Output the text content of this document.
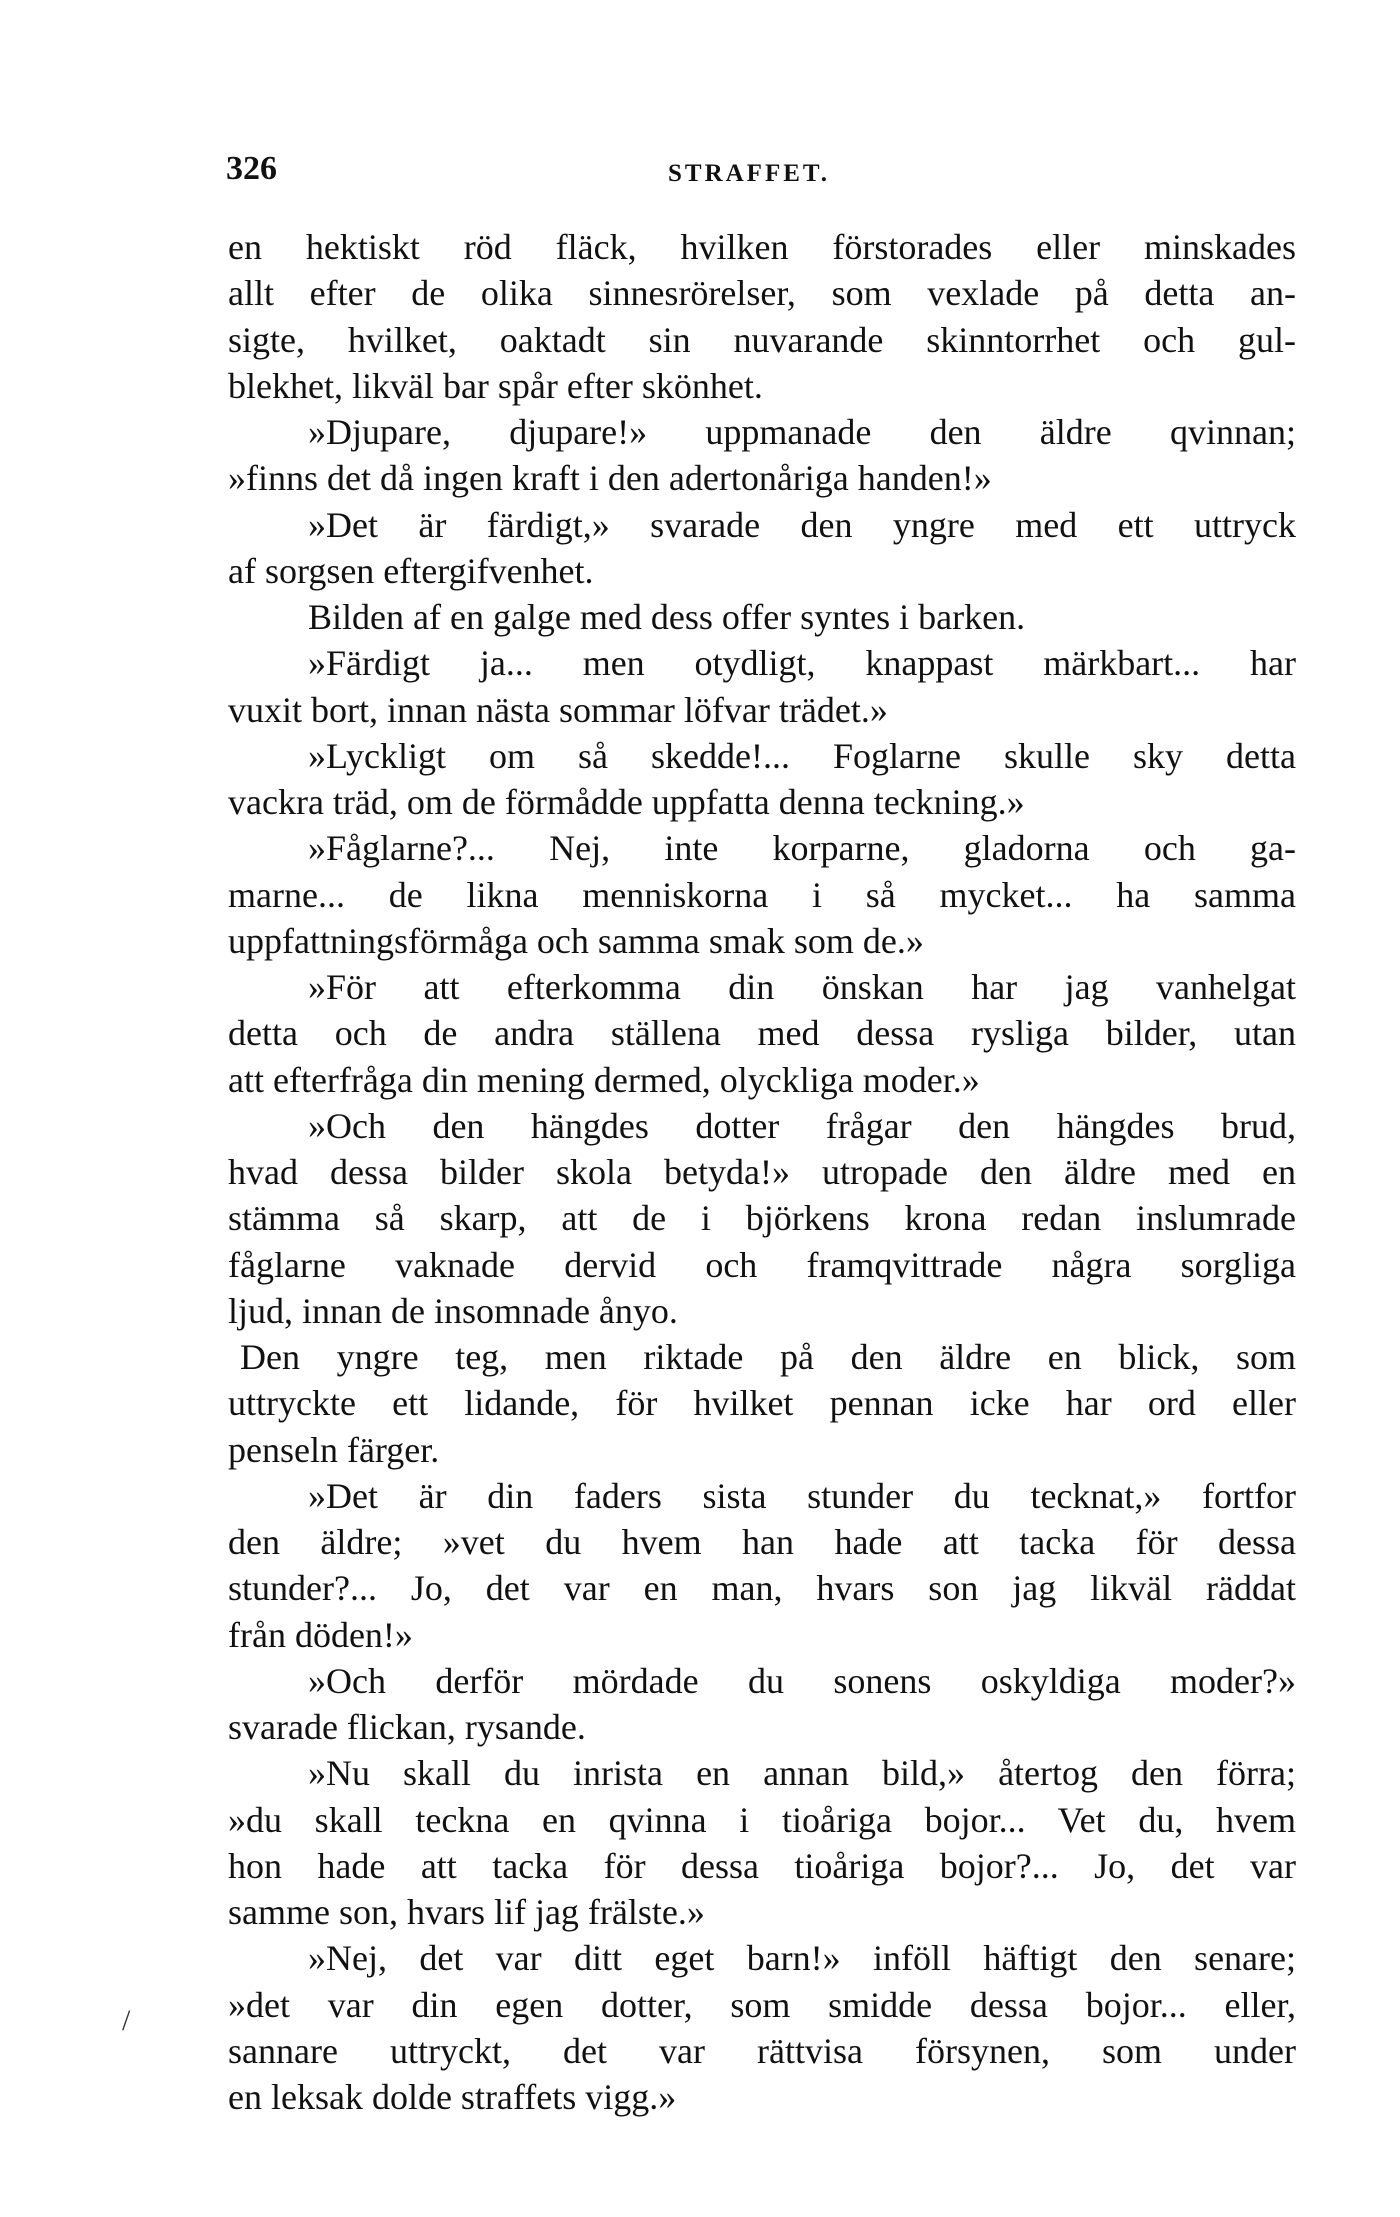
326	STRAFFET.
/
en hektiskt röd fläck, hvilken förstorades eller minskades
allt efter de olika sinnesrörelser, som vexlade på detta an-
sigte, hvilket, oaktadt sin nuvarande skinntorrhet och gul-
blekhet, likväl bar spår efter skönhet.
»Djupare, djupare!» uppmanade den äldre qvinnan;
»finns det då ingen kraft i den adertonåriga handen!»
»Det är färdigt,» svarade den yngre med ett uttryck
af sorgsen eftergifvenhet.
Bilden af en galge med dess offer syntes i barken.
»Färdigt ja... men otydligt, knappast märkbart... har
vuxit bort, innan nästa sommar löfvar trädet.»
»Lyckligt om så skedde!... Foglarne skulle sky detta
vackra träd, om de förmådde uppfatta denna teckning.»
»Fåglarne?... Nej, inte korparne, gladorna och ga-
marne... de likna menniskorna i så mycket... ha samma
uppfattningsförmåga och samma smak som de.»
»För att efterkomma din önskan har jag vanhelgat
detta och de andra ställena med dessa rysliga bilder, utan
att efterfråga din mening dermed, olyckliga moder.»
»Och den hängdes dotter frågar den hängdes brud,
hvad dessa bilder skola betyda!» utropade den äldre med en
stämma så skarp, att de i björkens krona redan inslumrade
fåglarne vaknade dervid och framqvittrade några sorgliga
ljud, innan de insomnade ånyo.
Den yngre teg, men riktade på den äldre en blick, som
uttryckte ett lidande, för hvilket pennan icke har ord eller
penseln färger.
»Det är din faders sista stunder du tecknat,» fortfor
den äldre; »vet du hvem han hade att tacka för dessa
stunder?... Jo, det var en man, hvars son jag likväl räddat
från döden!»
»Och derför mördade du sonens oskyldiga moder?»
svarade flickan, rysande.
»Nu skall du inrista en annan bild,» återtog den förra;
»du skall teckna en qvinna i tioåriga bojor... Vet du, hvem
hon hade att tacka för dessa tioåriga bojor?... Jo, det var
samme son, hvars lif jag frälste.»
»Nej, det var ditt eget barn!» inföll häftigt den senare;
»det var din egen dotter, som smidde dessa bojor... eller,
sannare uttryckt, det var rättvisa försynen, som under
en leksak dolde straffets vigg.»
